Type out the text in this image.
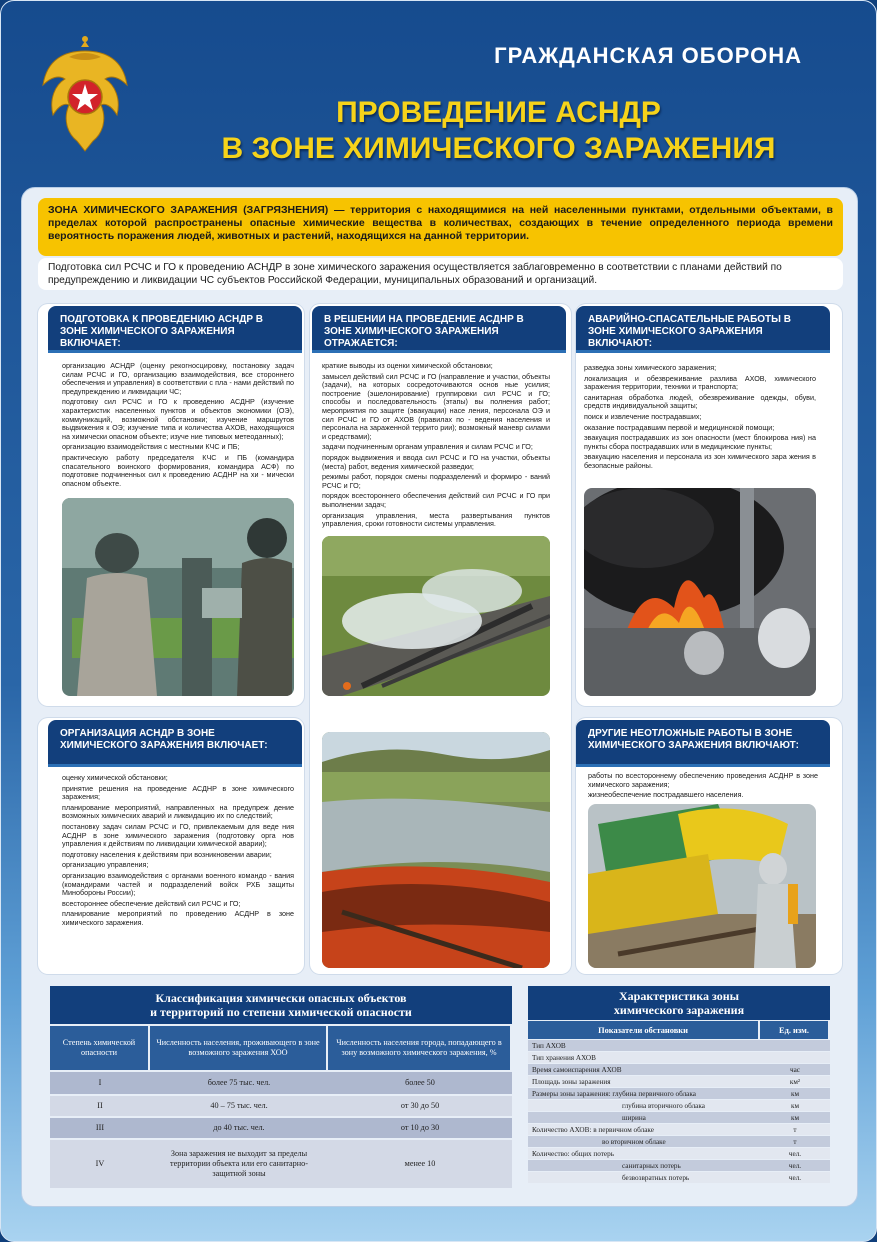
ГРАЖДАНСКАЯ ОБОРОНА
ПРОВЕДЕНИЕ АСНДР
В ЗОНЕ ХИМИЧЕСКОГО ЗАРАЖЕНИЯ
ЗОНА ХИМИЧЕСКОГО ЗАРАЖЕНИЯ (ЗАГРЯЗНЕНИЯ) — территория с находящимися на ней населенными пунктами, отдельными объектами, в пределах которой распространены опасные химические вещества в количествах, создающих в течение определенного периода времени вероятность поражения людей, животных и растений, находящихся на данной территории.
Подготовка сил РСЧС и ГО к проведению АСНДР в зоне химического заражения осуществляется заблаговременно в соответствии с планами действий по предупреждению и ликвидации ЧС субъектов Российской Федерации, муниципальных образований и организаций.
ПОДГОТОВКА К ПРОВЕДЕНИЮ АСНДР В ЗОНЕ ХИМИЧЕСКОГО ЗАРАЖЕНИЯ ВКЛЮЧАЕТ:
организацию АСНДР (оценку рекогносцировку, постановку задач силам РСЧС и ГО, организацию взаимодействия, все стороннего обеспечения и управления) в соответствии с пла - нами действий по предупреждению и ликвидации ЧС;
подготовку сил РСЧС и ГО к проведению АСДНР (изучение характеристик населенных пунктов и объектов экономики (ОЭ), коммуникаций, возможной обстановки; изучение маршрутов выдвижения к ОЭ; изучение типа и количества АХОВ, находящихся на химически опасном объекте; изуче ние типовых метеоданных);
организацию взаимодействия с местными КЧС и ПБ;
практическую работу председателя КЧС и ПБ (командира спасательного воинского формирования, командира АСФ) по подготовке подчиненных сил к проведению АСДНР на хи - мически опасном объекте.
В РЕШЕНИИ НА ПРОВЕДЕНИЕ АСДНР В ЗОНЕ ХИМИЧЕСКОГО ЗАРАЖЕНИЯ ОТРАЖАЕТСЯ:
краткие выводы из оценки химической обстановки;
замысел действий сил РСЧС и ГО (направление и участки, объекты (задачи), на которых сосредоточиваются основ ные усилия; построение (эшелонирование) группировки сил РСЧС и ГО; способы и последовательность (этапы) вы полнения работ; мероприятия по защите (эвакуации) насе ления, персонала ОЭ и сил РСЧС и ГО от АХОВ (правилах по - ведения населения и персонала на зараженной террито рии); возможный маневр силами и средствами);
задачи подчиненным органам управления и силам РСЧС и ГО;
порядок выдвижения и ввода сил РСЧС и ГО на участки, объекты (места) работ, ведения химической разведки;
режимы работ, порядок смены подразделений и формиро - ваний РСЧС и ГО;
порядок всестороннего обеспечения действий сил РСЧС и ГО при выполнении задач;
организация управления, места развертывания пунктов управления, сроки готовности системы управления.
АВАРИЙНО-СПАСАТЕЛЬНЫЕ РАБОТЫ В ЗОНЕ ХИМИЧЕСКОГО ЗАРАЖЕНИЯ ВКЛЮЧАЮТ:
разведка зоны химического заражения;
локализация и обезвреживание разлива АХОВ, химического заражения территории, техники и транспорта;
санитарная обработка людей, обезвреживание одежды, обуви, средств индивидуальной защиты;
поиск и извлечение пострадавших;
оказание пострадавшим первой и медицинской помощи;
эвакуация пострадавших из зон опасности (мест блокирова ния) на пункты сбора пострадавших или в медицинские пункты;
эвакуацию населения и персонала из зон химического зара жения в безопасные районы.
ОРГАНИЗАЦИЯ АСНДР В ЗОНЕ ХИМИЧЕСКОГО ЗАРАЖЕНИЯ ВКЛЮЧАЕТ:
оценку химической обстановки;
принятие решения на проведение АСДНР в зоне химического заражения;
планирование мероприятий, направленных на предупреж дение возможных химических аварий и ликвидацию их по следствий;
постановку задач силам РСЧС и ГО, привлекаемым для веде ния АСДНР в зоне химического заражения (подготовку орга нов управления к действиям по ликвидации химической аварии);
подготовку населения к действиям при возникновении аварии;
организацию управления;
организацию взаимодействия с органами военного командо - вания (командирами частей и подразделений войск РХБ защиты Минобороны России);
всестороннее обеспечение действий сил РСЧС и ГО;
планирование мероприятий по проведению АСДНР в зоне химического заражения.
ДРУГИЕ НЕОТЛОЖНЫЕ РАБОТЫ В ЗОНЕ ХИМИЧЕСКОГО ЗАРАЖЕНИЯ ВКЛЮЧАЮТ:
работы по всестороннему обеспечению проведения АСДНР в зоне химического заражения;
жизнеобеспечение пострадавшего населения.
Классификация химически опасных объектов
и территорий по степени химической опасности
Степень химической опасности	Численность населения, проживающего в зоне возможного заражения ХОО	Численность населения города, попадающего в зону возможного химического заражения, %
I	более 75 тыс. чел.	более 50
II	40 – 75 тыс. чел.	от 30 до 50
III	до 40 тыс. чел.	от 10 до 30
IV	Зона заражения не выходит за пределы территории объекта или его санитарно-защитной зоны	менее 10
Характеристика зоны
химического заражения
Показатели обстановки	Ед. изм.
Тип АХОВ	
Тип хранения АХОВ	
Время самоиспарения АХОВ	час
Площадь зоны заражения	км²
Размеры зоны заражения: глубина первичного облака	км
глубина вторичного облака	км
ширина	км
Количество АХОВ: в первичном облаке	т
во вторичном облаке	т
Количество: общих потерь	чел.
санитарных потерь	чел.
безвозвратных потерь	чел.
